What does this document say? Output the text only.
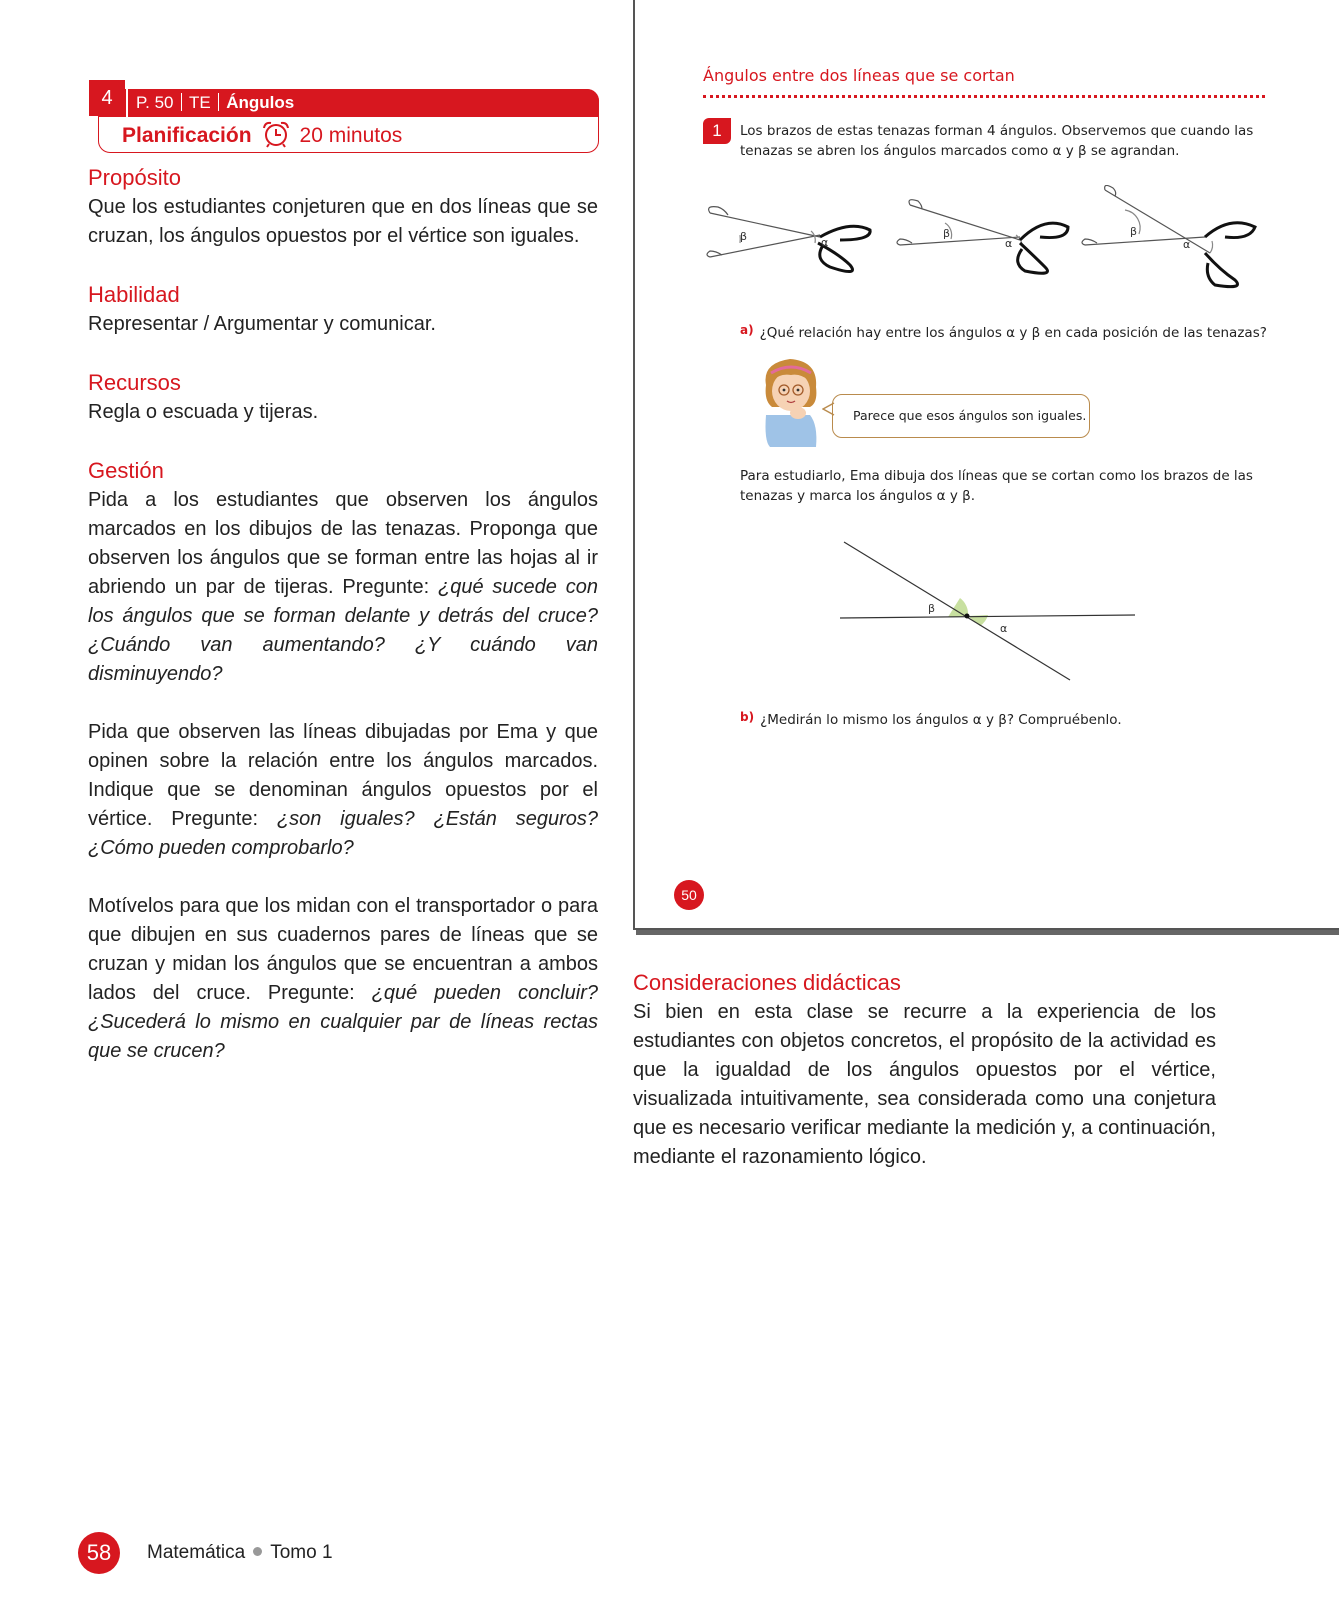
4	P. 50 TE Ángulos
Planificación 20 minutos
Propósito

Que los estudiantes conjeturen que en dos líneas que se cruzan, los ángulos opuestos por el vértice son iguales.

Habilidad

Representar / Argumentar y comunicar.

Recursos

Regla o escuada y tijeras.

Gestión

Pida a los estudiantes que observen los ángulos marcados en los dibujos de las tenazas. Proponga que observen los ángulos que se forman entre las hojas al ir abriendo un par de tijeras. Pregunte: ¿qué sucede con los ángulos que se forman delante y detrás del cruce? ¿Cuándo van aumentando? ¿Y cuándo van disminuyendo?

Pida que observen las líneas dibujadas por Ema y que opinen sobre la relación entre los ángulos marcados. Indique que se denominan ángulos opuestos por el vértice. Pregunte: ¿son iguales? ¿Están seguros? ¿Cómo pueden comprobarlo?

Motívelos para que los midan con el transportador o para que dibujen en sus cuadernos pares de líneas que se cruzan y midan los ángulos que se encuentran a ambos lados del cruce. Pregunte: ¿qué pueden concluir? ¿Sucederá lo mismo en cualquier par de líneas rectas que se crucen?

Ángulos entre dos líneas que se cortan
1	Los brazos de estas tenazas forman 4 ángulos. Observemos que cuando las tenazas se abren los ángulos marcados como α y β se agrandan.
β	α
β
α
β
α
a) ¿Qué relación hay entre los ángulos α y β en cada posición de las tenazas?
Parece que esos ángulos son iguales.
Para estudiarlo, Ema dibuja dos líneas que se cortan como los brazos de las tenazas y marca los ángulos α y β.
β
α
b) ¿Medirán lo mismo los ángulos α y β? Compruébenlo.
50
Consideraciones didácticas

Si bien en esta clase se recurre a la experiencia de los estudiantes con objetos concretos, el propósito de la actividad es que la igualdad de los ángulos opuestos por el vértice, visualizada intuitivamente, sea considerada como una conjetura que es necesario verificar mediante la medición y, a continuación, mediante el razonamiento lógico.

58	Matemática Tomo 1
